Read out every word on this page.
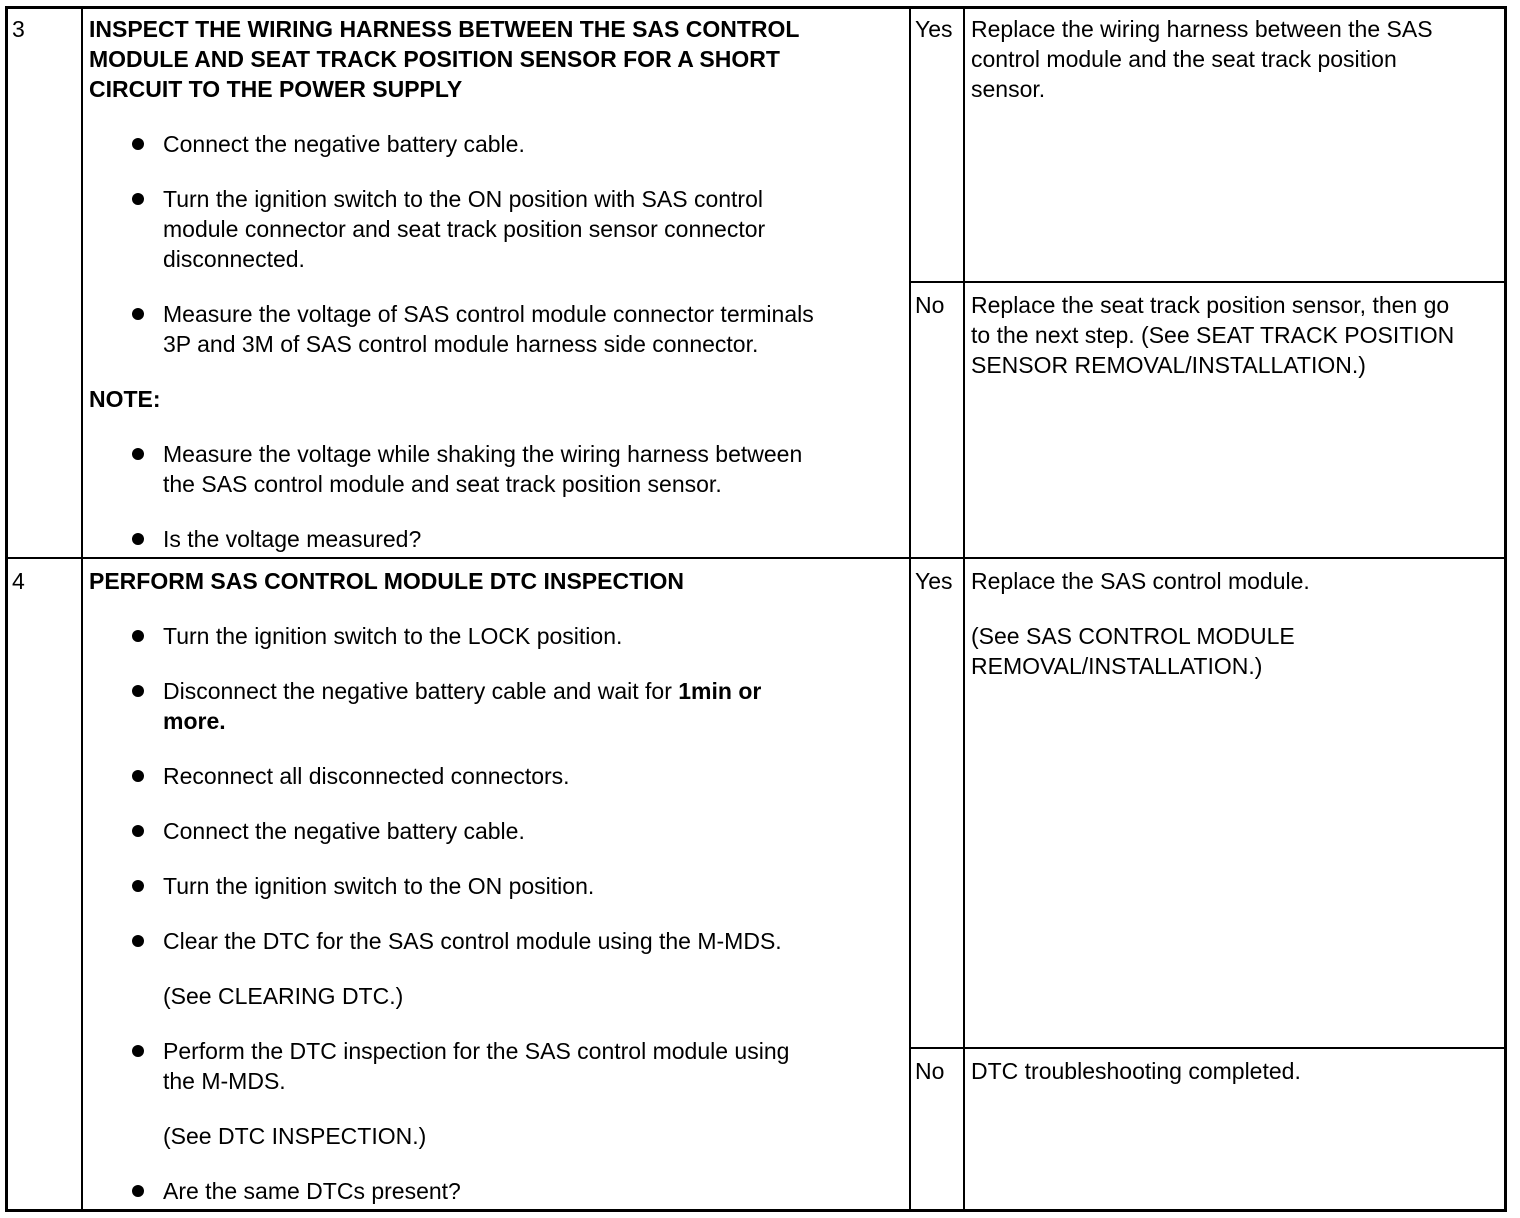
3	INSPECT THE WIRING HARNESS BETWEEN THE SAS CONTROL
MODULE AND SEAT TRACK POSITION SENSOR FOR A SHORT
CIRCUIT TO THE POWER SUPPLY
Connect the negative battery cable.
Turn the ignition switch to the ON position with SAS control
module connector and seat track position sensor connector
disconnected.
Measure the voltage of SAS control module connector terminals
3P and 3M of SAS control module harness side connector.
NOTE:
Measure the voltage while shaking the wiring harness between
the SAS control module and seat track position sensor.
Is the voltage measured?
Yes Replace the wiring harness between the SAS
control module and the seat track position
sensor.
No Replace the seat track position sensor, then go
to the next step. (See SEAT TRACK POSITION
SENSOR REMOVAL/INSTALLATION.)
4	PERFORM SAS CONTROL MODULE DTC INSPECTION
Turn the ignition switch to the LOCK position.
Disconnect the negative battery cable and wait for 1min or
more.
Reconnect all disconnected connectors.
Connect the negative battery cable.
Turn the ignition switch to the ON position.
Clear the DTC for the SAS control module using the M-MDS.
(See CLEARING DTC.)
Perform the DTC inspection for the SAS control module using
the M-MDS.
(See DTC INSPECTION.)
Are the same DTCs present?
Yes Replace the SAS control module.
(See SAS CONTROL MODULE
REMOVAL/INSTALLATION.)
No DTC troubleshooting completed.
